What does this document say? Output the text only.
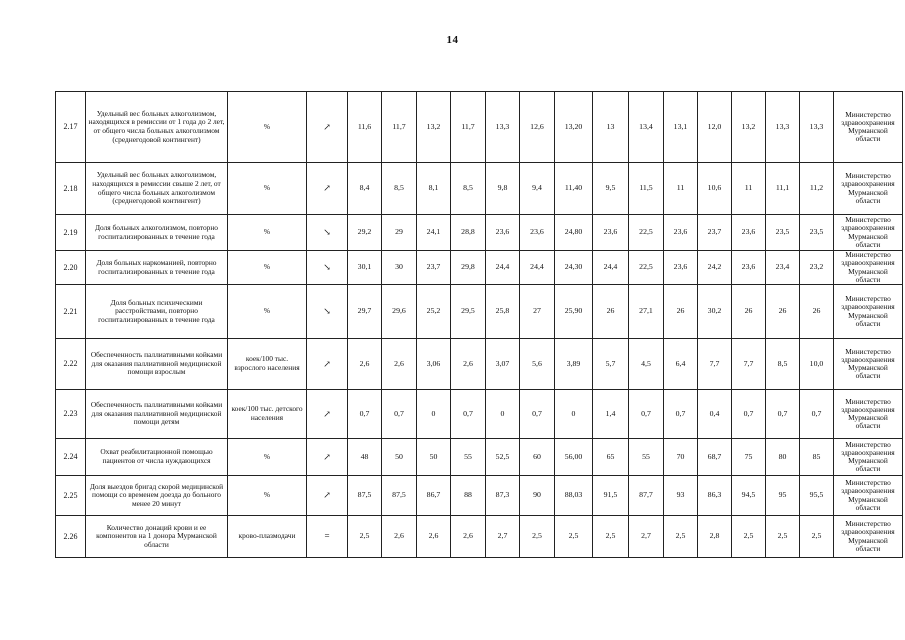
14
2.17	Удельный вес больных алкоголизмом, находящихся в ремиссии от 1 года до 2 лет, от общего числа больных алкоголизмом (среднегодовой контингент)	%	↗	11,6	11,7	13,2	11,7	13,3	12,6	13,20	13	13,4	13,1	12,0	13,2	13,3	13,3	Министерство здравоохранения Мурманской области
2.18	Удельный вес больных алкоголизмом, находящихся в ремиссии свыше 2 лет, от общего числа больных алкоголизмом (среднегодовой контингент)	%	↗	8,4	8,5	8,1	8,5	9,8	9,4	11,40	9,5	11,5	11	10,6	11	11,1	11,2	Министерство здравоохранения Мурманской области
2.19	Доля больных алкоголизмом, повторно госпитализированных в течение года	%	↘	29,2	29	24,1	28,8	23,6	23,6	24,80	23,6	22,5	23,6	23,7	23,6	23,5	23,5	Министерство здравоохранения Мурманской области
2.20	Доля больных наркоманией, повторно госпитализированных в течение года	%	↘	30,1	30	23,7	29,8	24,4	24,4	24,30	24,4	22,5	23,6	24,2	23,6	23,4	23,2	Министерство здравоохранения Мурманской области
2.21	Доля больных психическими расстройствами, повторно госпитализированных в течение года	%	↘	29,7	29,6	25,2	29,5	25,8	27	25,90	26	27,1	26	30,2	26	26	26	Министерство здравоохранения Мурманской области
2.22	Обеспеченность паллиативными койками для оказания паллиативной медицинской помощи взрослым	коек/100 тыс. взрослого населения	↗	2,6	2,6	3,06	2,6	3,07	5,6	3,89	5,7	4,5	6,4	7,7	7,7	8,5	10,0	Министерство здравоохранения Мурманской области
2.23	Обеспеченность паллиативными койками для оказания паллиативной медицинской помощи детям	коек/100 тыс. детского населения	↗	0,7	0,7	0	0,7	0	0,7	0	1,4	0,7	0,7	0,4	0,7	0,7	0,7	Министерство здравоохранения Мурманской области
2.24	Охват реабилитационной помощью пациентов от числа нуждающихся	%	↗	48	50	50	55	52,5	60	56,00	65	55	70	68,7	75	80	85	Министерство здравоохранения Мурманской области
2.25	Доля выездов бригад скорой медицинской помощи со временем доезда до больного менее 20 минут	%	↗	87,5	87,5	86,7	88	87,3	90	88,03	91,5	87,7	93	86,3	94,5	95	95,5	Министерство здравоохранения Мурманской области
2.26	Количество донаций крови и ее компонентов на 1 донора Мурманской области	крово-плазмодачи	=	2,5	2,6	2,6	2,6	2,7	2,5	2,5	2,5	2,7	2,5	2,8	2,5	2,5	2,5	Министерство здравоохранения Мурманской области
